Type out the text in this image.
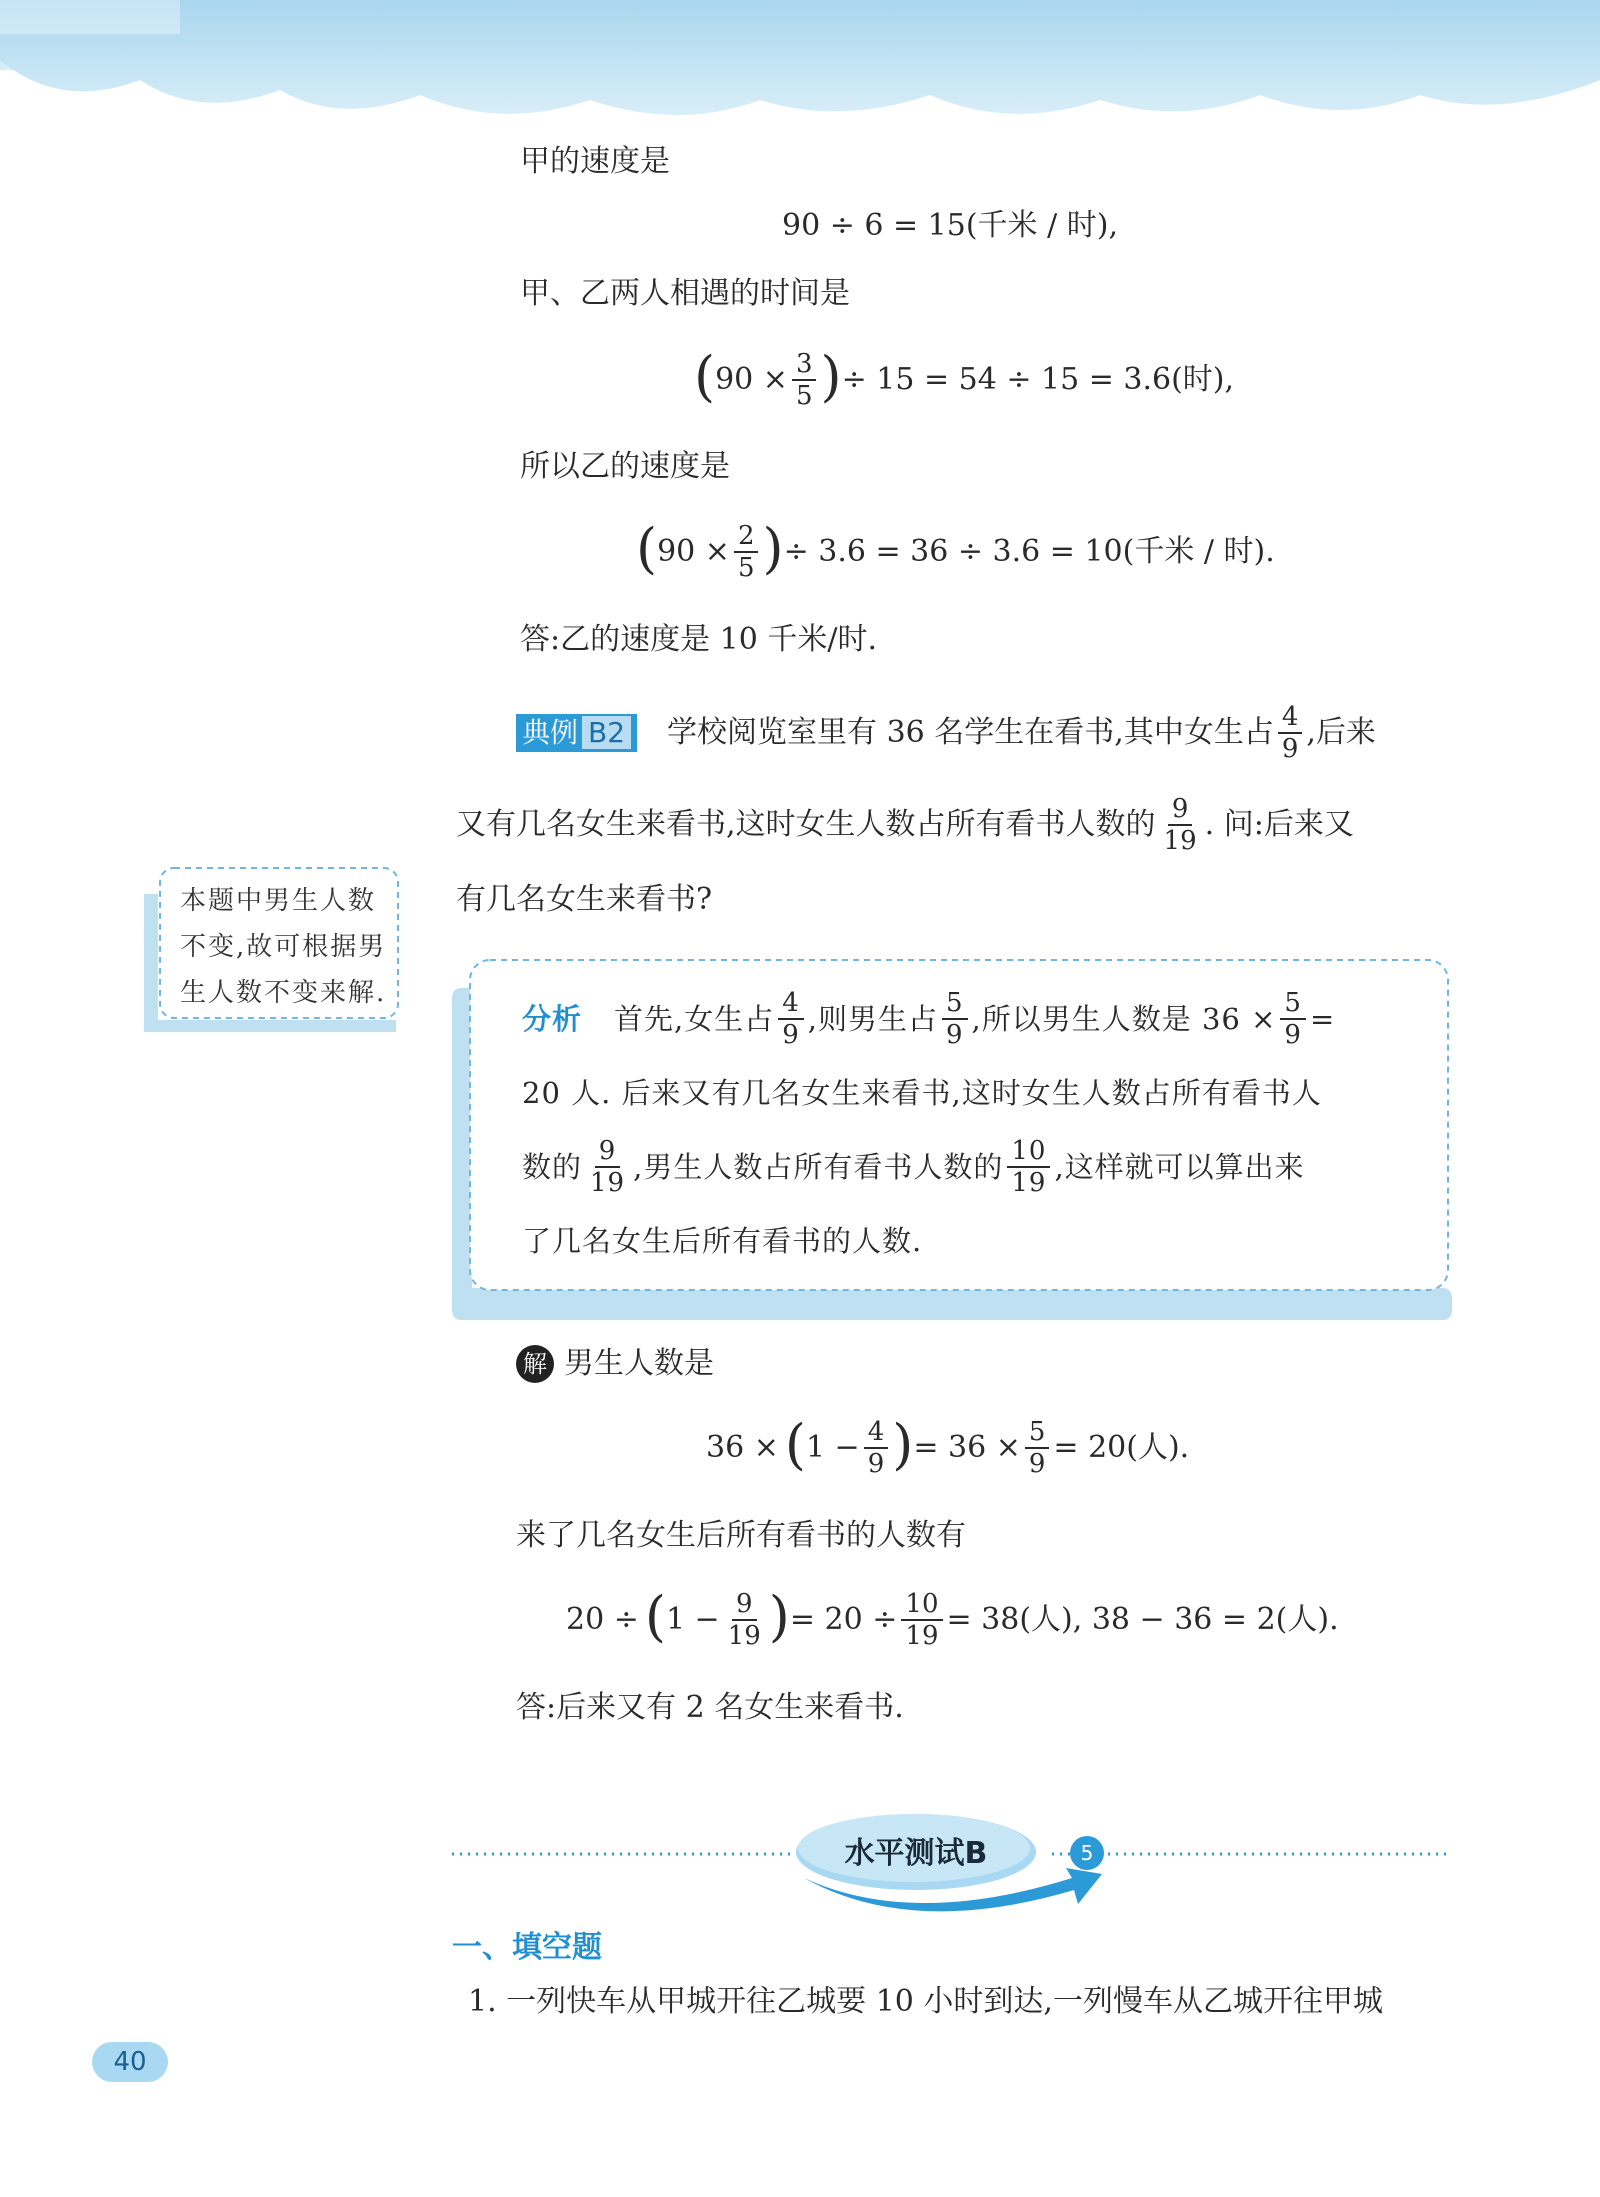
甲的速度是
90 ÷ 6 = 15(千米 / 时),
甲、乙两人相遇的时间是
( $90 \times \frac{3}{5}$ ) ÷ 15 = 54 ÷ 15 = 3.6(时),
所以乙的速度是
( $90 \times \frac{2}{5}$ ) ÷ 3.6 = 36 ÷ 3.6 = 10(千米 / 时).
答:乙的速度是 10 千米/时.
典例 B2	学校阅览室里有 36 名学生在看书,其中女生占 $\frac{4}{9}$ ,后来
又有几名女生来看书,这时女生人数占所有看书人数的 $\frac{9}{19}$ . 问:后来又
有几名女生来看书?
本题中男生人数不变,故可根据男生人数不变来解.
分析 首先,女生占 $\frac{4}{9}$ ,则男生占 $\frac{5}{9}$ ,所以男生人数是 $36 \times \frac{5}{9}$ =
20 人. 后来又有几名女生来看书,这时女生人数占所有看书人
数的 $\frac{9}{19}$ ,男生人数占所有看书人数的 $\frac{10}{19}$ ,这样就可以算出来
了几名女生后所有看书的人数.
解 男生人数是
36 × ( $1 - \frac{4}{9}$ ) = $36 \times \frac{5}{9} = 20$(人).
来了几名女生后所有看书的人数有
20 ÷ ( $1 - \frac{9}{19}$ ) = $20 \div \frac{10}{19} = 38$(人), 38 − 36 = 2(人).
答:后来又有 2 名女生来看书.
水平测试B	5
一、填空题
1. 一列快车从甲城开往乙城要 10 小时到达,一列慢车从乙城开往甲城
40
